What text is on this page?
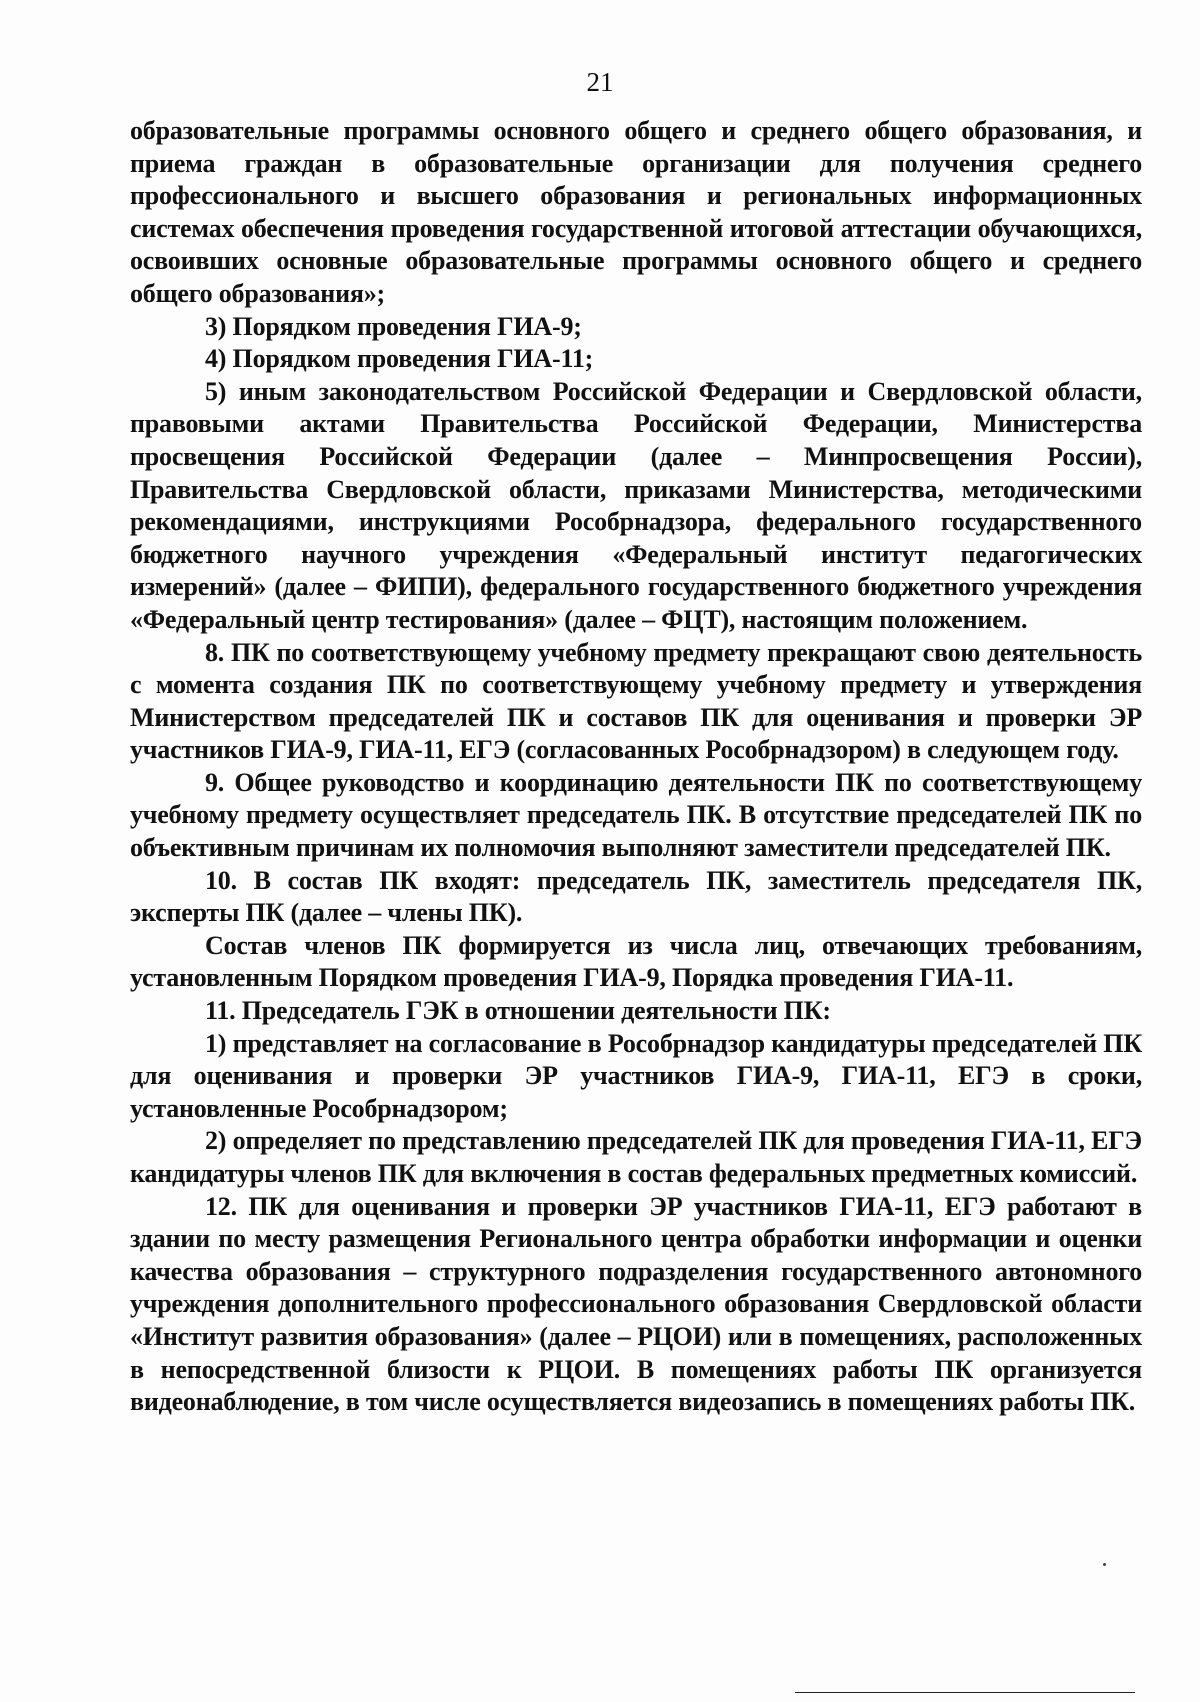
21

образовательные программы основного общего и среднего общего образования, и приема граждан в образовательные организации для получения среднего профессионального и высшего образования и региональных информационных системах обеспечения проведения государственной итоговой аттестации обучающихся, освоивших основные образовательные программы основного общего и среднего общего образования»;

3) Порядком проведения ГИА-9;

4) Порядком проведения ГИА-11;

5) иным законодательством Российской Федерации и Свердловской области, правовыми актами Правительства Российской Федерации, Министерства просвещения Российской Федерации (далее – Минпросвещения России), Правительства Свердловской области, приказами Министерства, методическими рекомендациями, инструкциями Рособрнадзора, федерального государственного бюджетного научного учреждения «Федеральный институт педагогических измерений» (далее – ФИПИ), федерального государственного бюджетного учреждения «Федеральный центр тестирования» (далее – ФЦТ), настоящим положением.

8. ПК по соответствующему учебному предмету прекращают свою деятельность с момента создания ПК по соответствующему учебному предмету и утверждения Министерством председателей ПК и составов ПК для оценивания и проверки ЭР участников ГИА-9, ГИА-11, ЕГЭ (согласованных Рособрнадзором) в следующем году.

9. Общее руководство и координацию деятельности ПК по соответствующему учебному предмету осуществляет председатель ПК. В отсутствие председателей ПК по объективным причинам их полномочия выполняют заместители председателей ПК.

10. В состав ПК входят: председатель ПК, заместитель председателя ПК, эксперты ПК (далее – члены ПК).

Состав членов ПК формируется из числа лиц, отвечающих требованиям, установленным Порядком проведения ГИА-9, Порядка проведения ГИА-11.

11. Председатель ГЭК в отношении деятельности ПК:

1) представляет на согласование в Рособрнадзор кандидатуры председателей ПК для оценивания и проверки ЭР участников ГИА-9, ГИА-11, ЕГЭ в сроки, установленные Рособрнадзором;

2) определяет по представлению председателей ПК для проведения ГИА-11, ЕГЭ кандидатуры членов ПК для включения в состав федеральных предметных комиссий.

12. ПК для оценивания и проверки ЭР участников ГИА-11, ЕГЭ работают в здании по месту размещения Регионального центра обработки информации и оценки качества образования – структурного подразделения государственного автономного учреждения дополнительного профессионального образования Свердловской области «Институт развития образования» (далее – РЦОИ) или в помещениях, расположенных в непосредственной близости к РЦОИ. В помещениях работы ПК организуется видеонаблюдение, в том числе осуществляется видеозапись в помещениях работы ПК.
